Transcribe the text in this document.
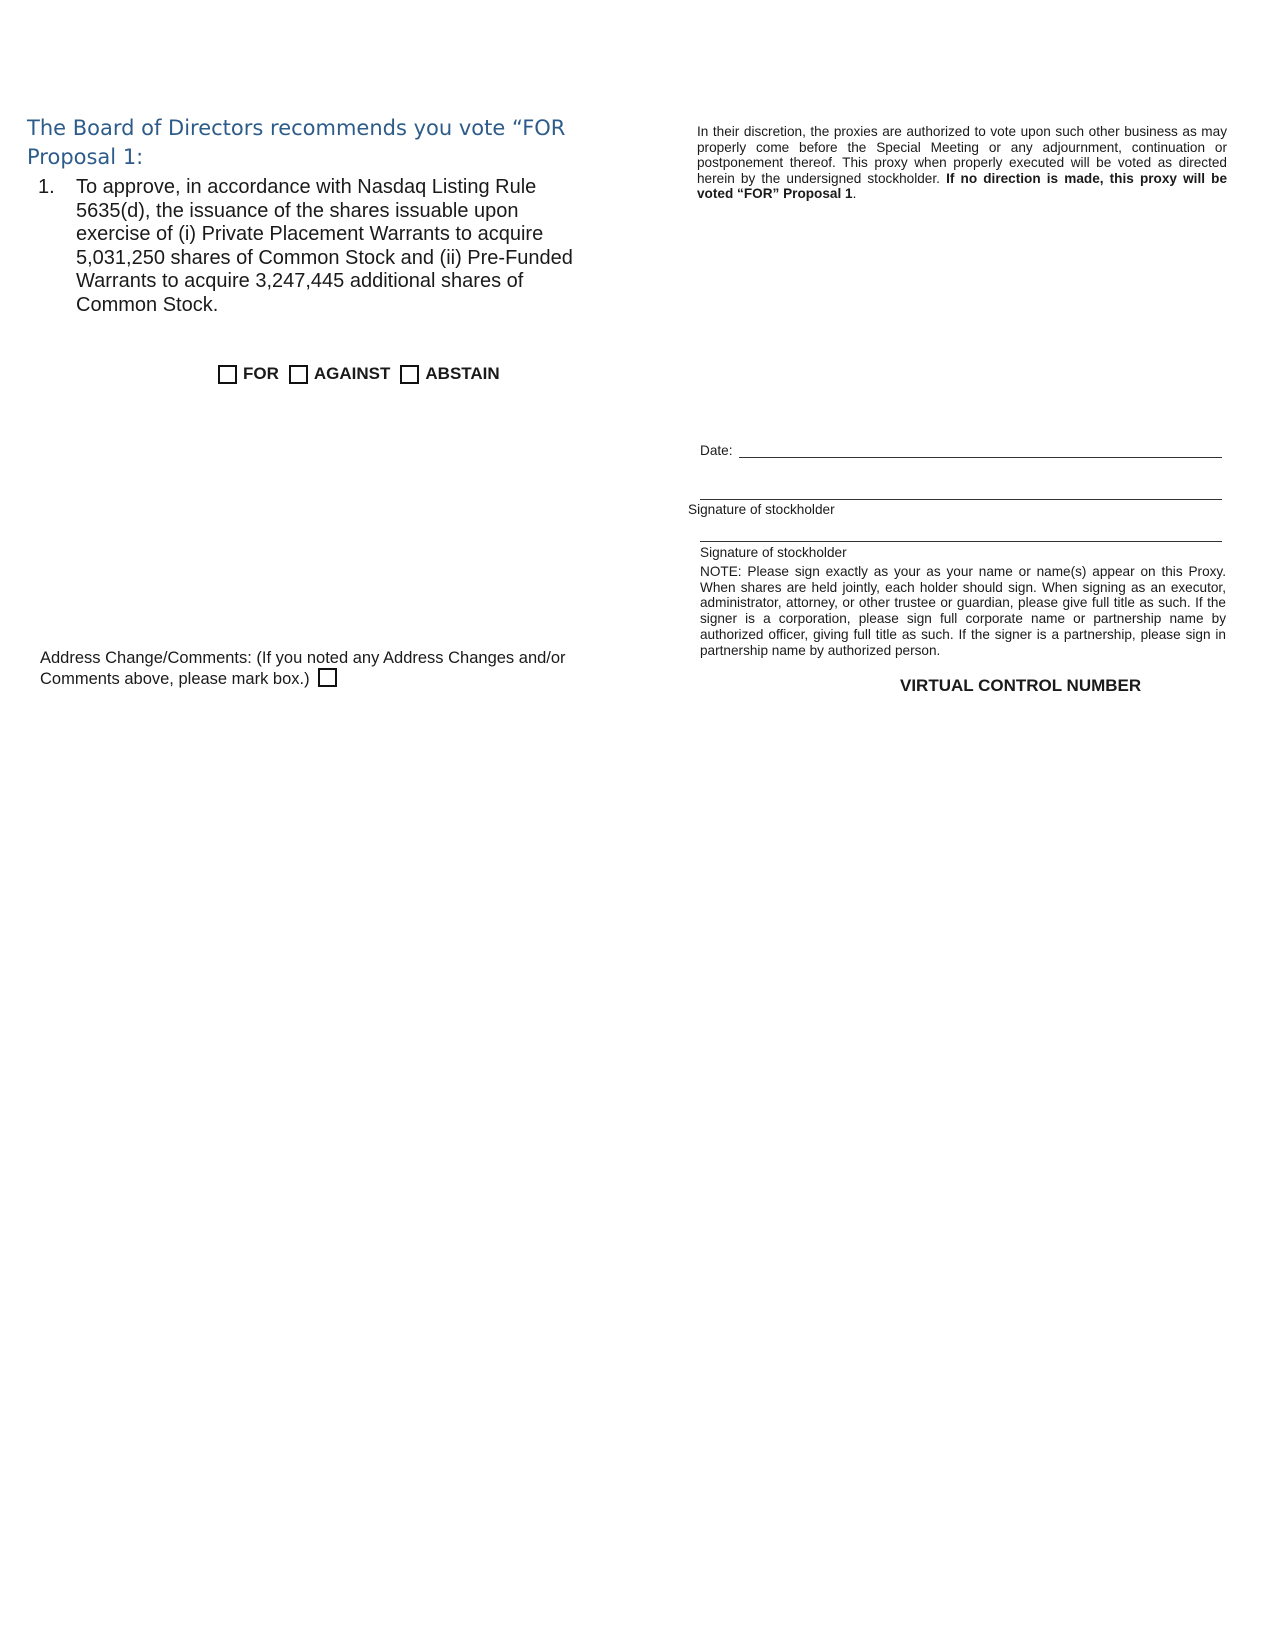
The Board of Directors recommends you vote “FOR Proposal 1:
1.	To approve, in accordance with Nasdaq Listing Rule 5635(d), the issuance of the shares issuable upon exercise of (i) Private Placement Warrants to acquire 5,031,250 shares of Common Stock and (ii) Pre-Funded Warrants to acquire 3,247,445 additional shares of Common Stock.
FOR AGAINST ABSTAIN
Address Change/Comments: (If you noted any Address Changes and/or Comments above, please mark box.)
In their discretion, the proxies are authorized to vote upon such other business as may properly come before the Special Meeting or any adjournment, continuation or postponement thereof. This proxy when properly executed will be voted as directed herein by the undersigned stockholder. If no direction is made, this proxy will be voted “FOR” Proposal 1.
Date:
Signature of stockholder
Signature of stockholder
NOTE: Please sign exactly as your as your name or name(s) appear on this Proxy. When shares are held jointly, each holder should sign. When signing as an executor, administrator, attorney, or other trustee or guardian, please give full title as such. If the signer is a corporation, please sign full corporate name or partnership name by authorized officer, giving full title as such. If the signer is a partnership, please sign in partnership name by authorized person.
VIRTUAL CONTROL NUMBER
